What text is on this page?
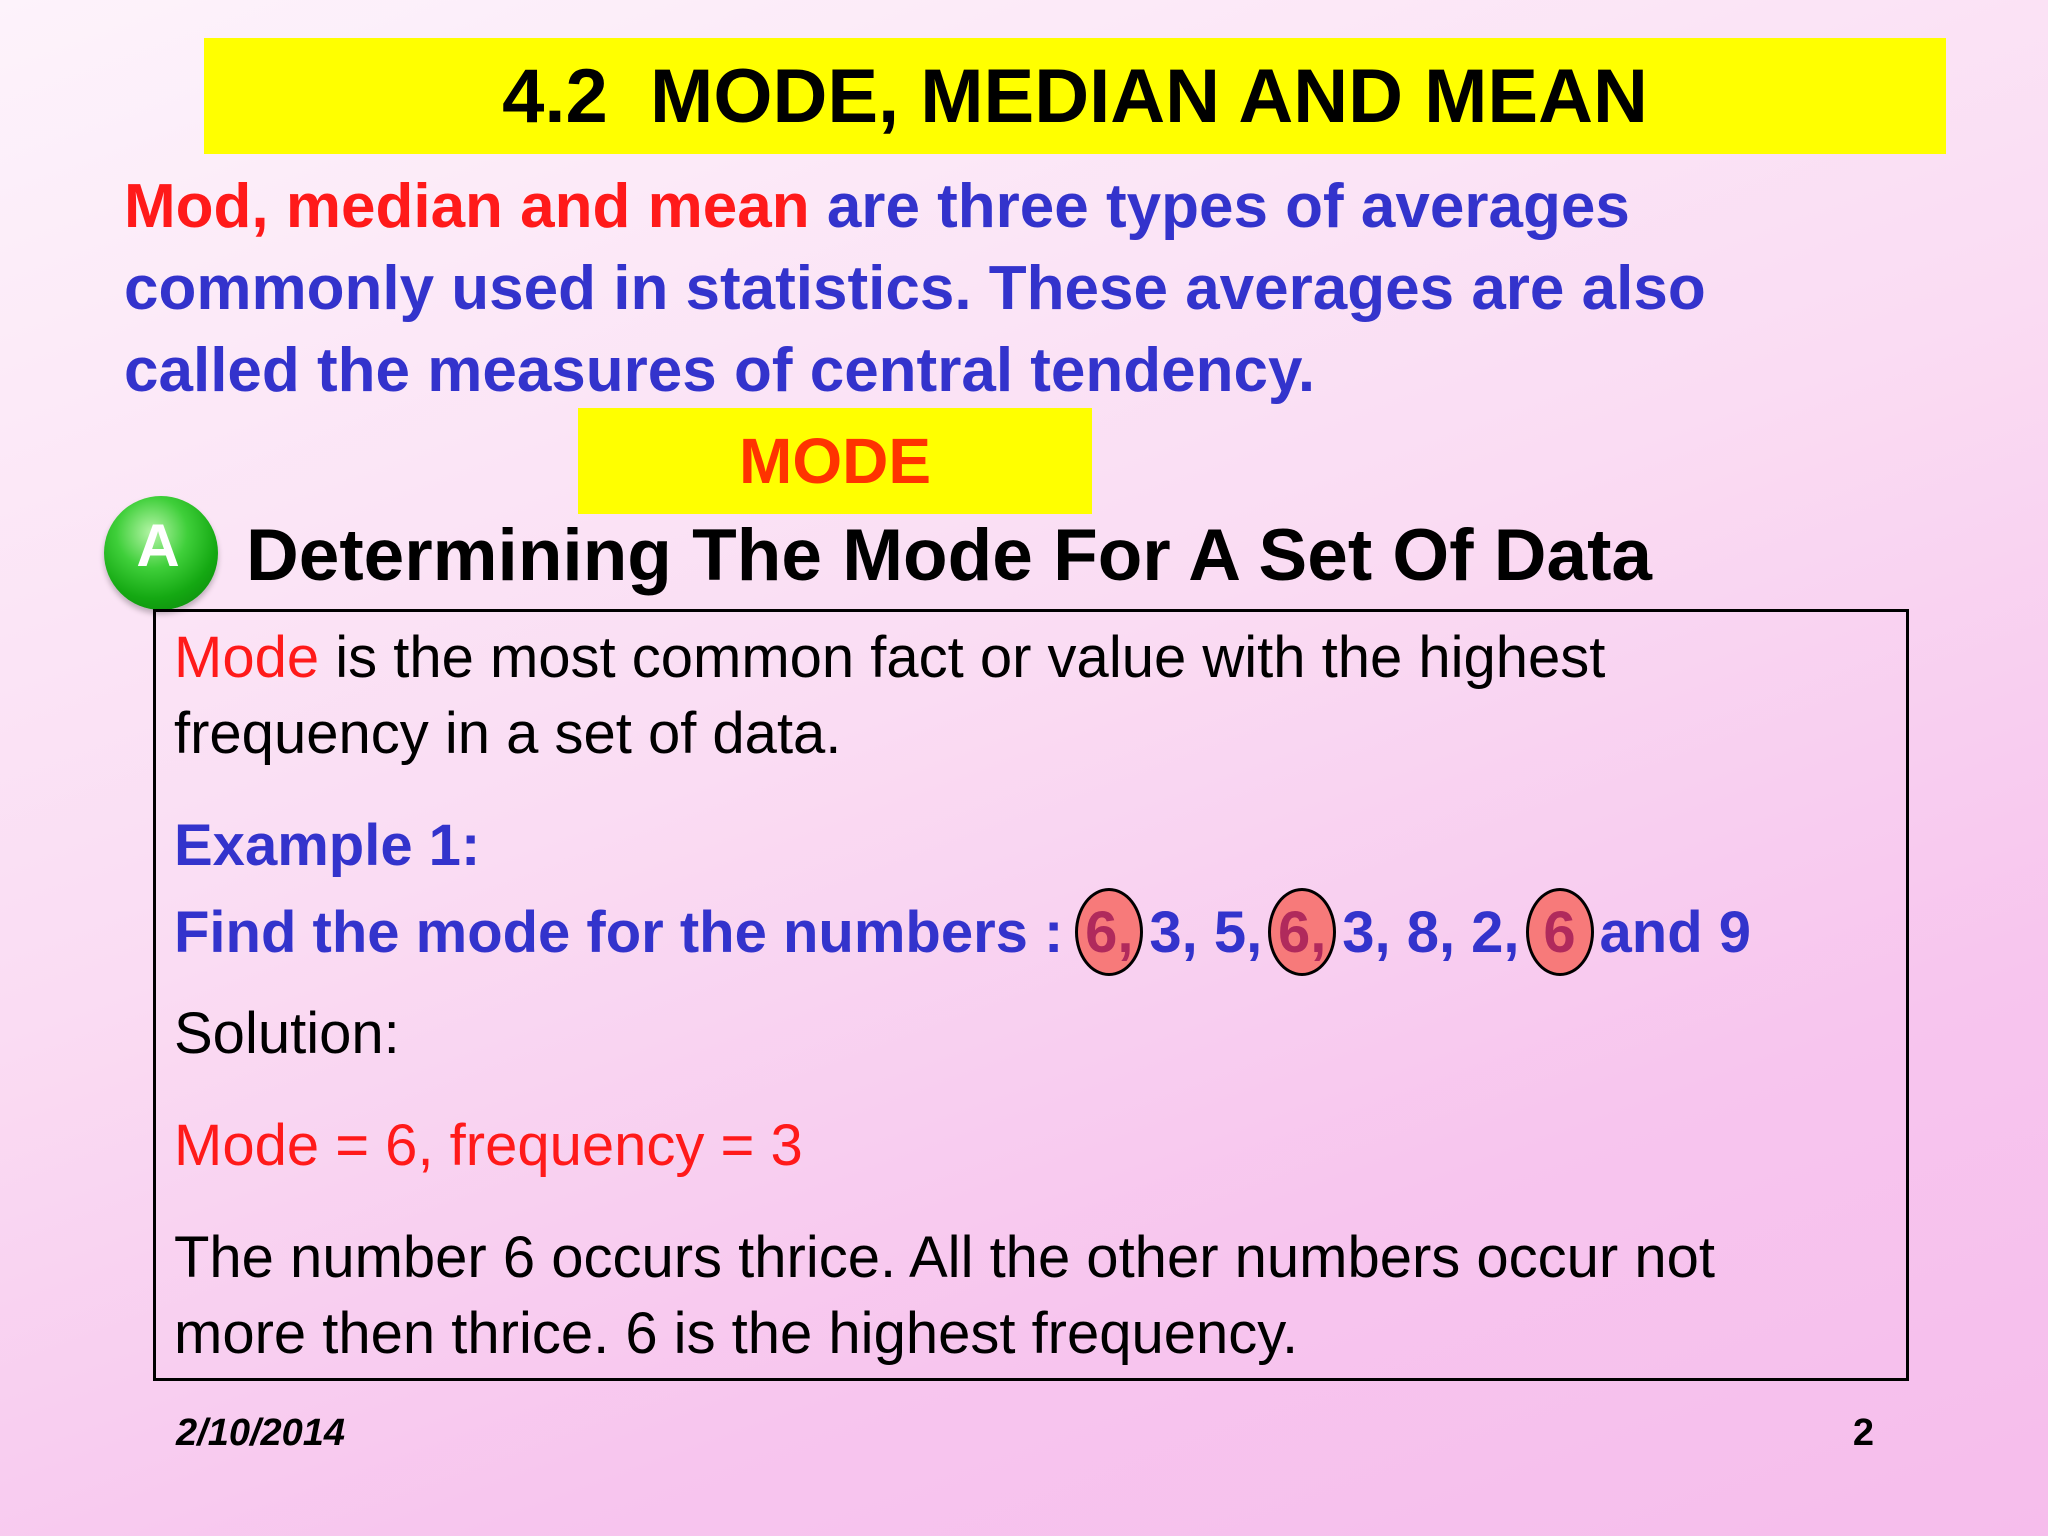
4.2  MODE, MEDIAN AND MEAN
Mod, median and mean are three types of averages
commonly used in statistics. These averages are also
called the measures of central tendency.
MODE
A Determining The Mode For A Set Of Data
Mode is the most common fact or value with the highest
frequency in a set of data.
Example 1:
Find the mode for the numbers : 6, 3, 5, 6, 3, 8, 2, 6 and 9
Solution:
Mode = 6, frequency = 3
The number 6 occurs thrice. All the other numbers occur not
more then thrice. 6 is the highest frequency.
2/10/2014	2
